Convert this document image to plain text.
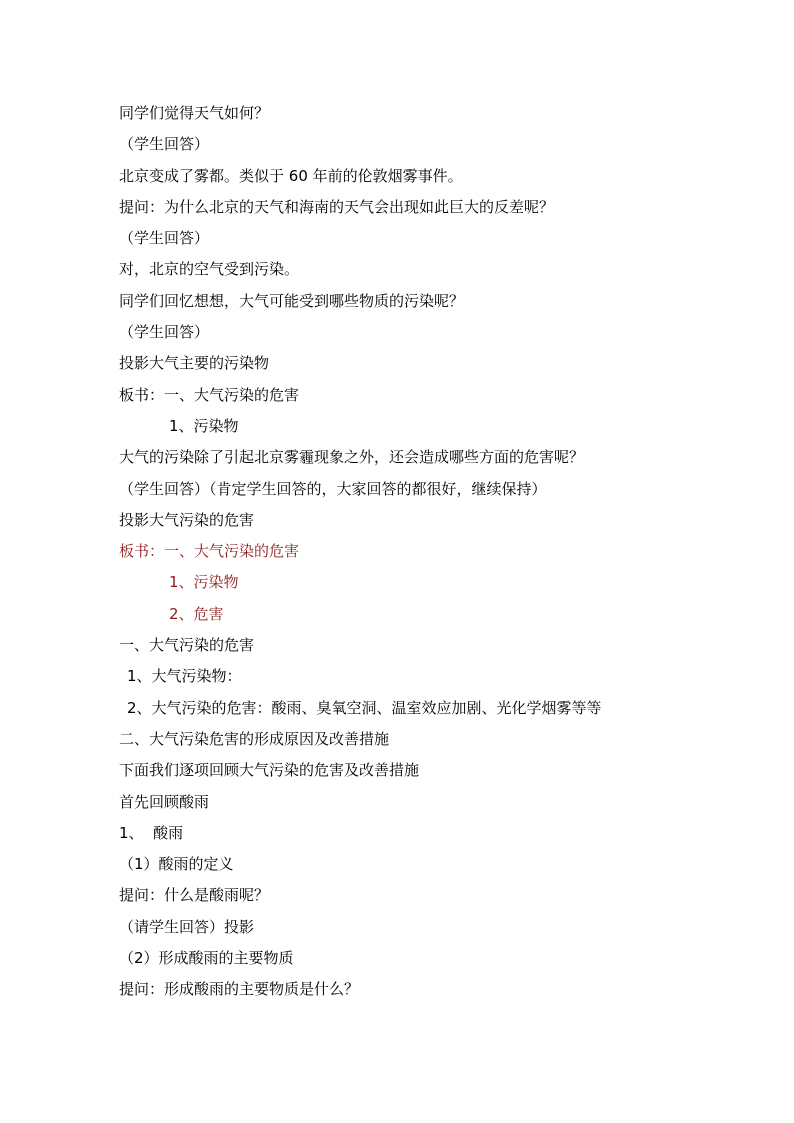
同学们觉得天气如何？
（学生回答）
北京变成了雾都。类似于 60 年前的伦敦烟雾事件。
提问：为什么北京的天气和海南的天气会出现如此巨大的反差呢？
（学生回答）
对，北京的空气受到污染。
同学们回忆想想，大气可能受到哪些物质的污染呢？
（学生回答）
投影大气主要的污染物
板书：一、大气污染的危害
1、污染物
大气的污染除了引起北京雾霾现象之外，还会造成哪些方面的危害呢？
（学生回答）（肯定学生回答的，大家回答的都很好，继续保持）
投影大气污染的危害
板书：一、大气污染的危害
1、污染物
2、危害
一、大气污染的危害
1、大气污染物：
2、大气污染的危害：酸雨、臭氧空洞、温室效应加剧、光化学烟雾等等
二、大气污染危害的形成原因及改善措施
下面我们逐项回顾大气污染的危害及改善措施
首先回顾酸雨
1、  酸雨
（1）酸雨的定义
提问：什么是酸雨呢？
（请学生回答）投影
（2）形成酸雨的主要物质
提问：形成酸雨的主要物质是什么？
